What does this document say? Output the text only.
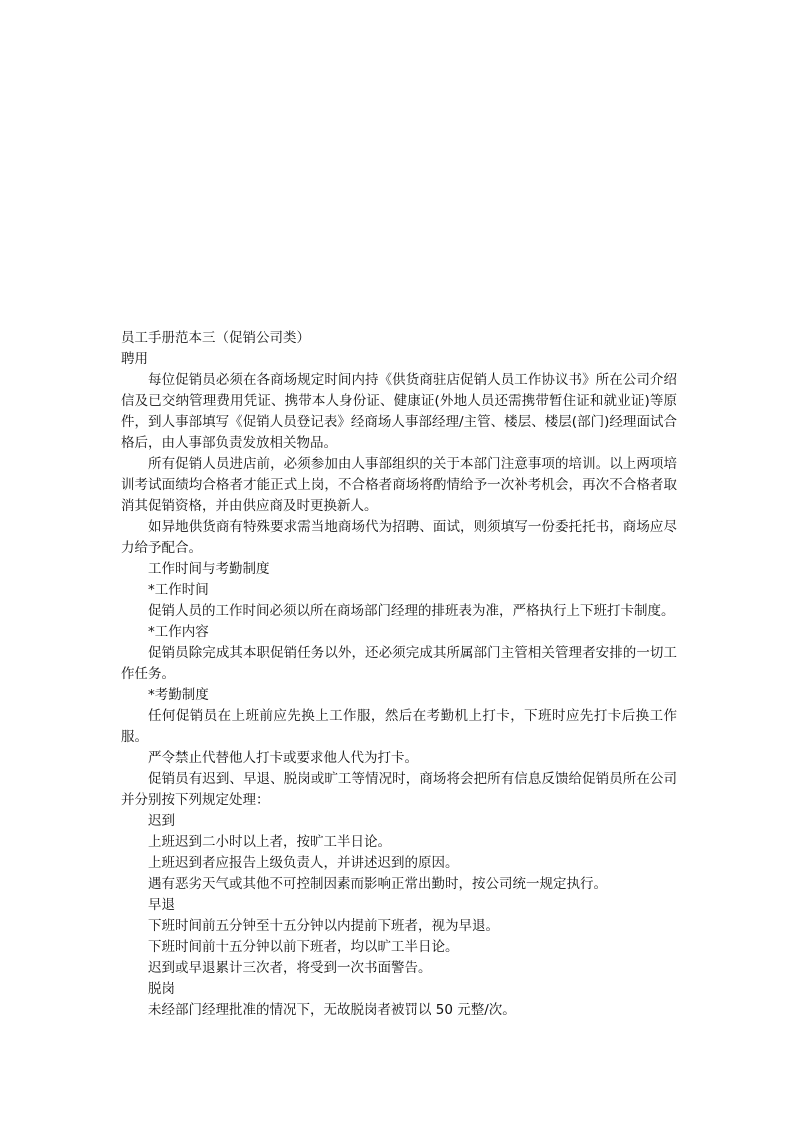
员工手册范本三（促销公司类）

聘用

每位促销员必须在各商场规定时间内持《供货商驻店促销人员工作协议书》所在公司介绍信及已交纳管理费用凭证、携带本人身份证、健康证(外地人员还需携带暂住证和就业证)等原件，到人事部填写《促销人员登记表》经商场人事部经理/主管、楼层、楼层(部门)经理面试合格后，由人事部负责发放相关物品。

所有促销人员进店前，必须参加由人事部组织的关于本部门注意事项的培训。以上两项培训考试面绩均合格者才能正式上岗，不合格者商场将酌情给予一次补考机会，再次不合格者取消其促销资格，并由供应商及时更换新人。

如异地供货商有特殊要求需当地商场代为招聘、面试，则须填写一份委托托书，商场应尽力给予配合。

工作时间与考勤制度

*工作时间

促销人员的工作时间必须以所在商场部门经理的排班表为准，严格执行上下班打卡制度。

*工作内容

促销员除完成其本职促销任务以外，还必须完成其所属部门主管相关管理者安排的一切工作任务。

*考勤制度

任何促销员在上班前应先换上工作服，然后在考勤机上打卡，下班时应先打卡后换工作服。

严令禁止代替他人打卡或要求他人代为打卡。

促销员有迟到、早退、脱岗或旷工等情况时，商场将会把所有信息反馈给促销员所在公司并分别按下列规定处理：

迟到

上班迟到二小时以上者，按旷工半日论。

上班迟到者应报告上级负责人，并讲述迟到的原因。

遇有恶劣天气或其他不可控制因素而影响正常出勤时，按公司统一规定执行。

早退

下班时间前五分钟至十五分钟以内提前下班者，视为早退。

下班时间前十五分钟以前下班者，均以旷工半日论。

迟到或早退累计三次者，将受到一次书面警告。

脱岗

未经部门经理批准的情况下，无故脱岗者被罚以 50 元整/次。
